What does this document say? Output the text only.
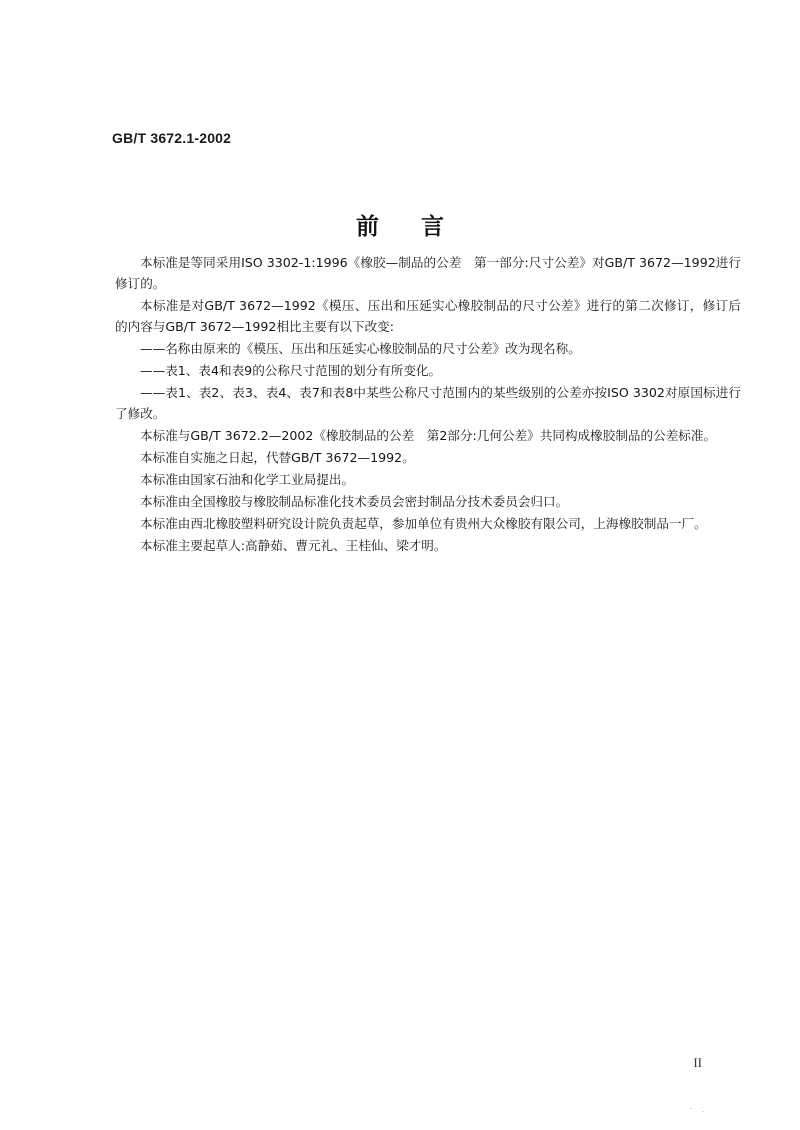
GB/T 3672.1-2002
前言

本标准是等同采用ISO 3302-1:1996《橡胶—制品的公差　第一部分:尺寸公差》对GB/T 3672—1992进行修订的。

本标准是对GB/T 3672—1992《模压、压出和压延实心橡胶制品的尺寸公差》进行的第二次修订，修订后的内容与GB/T 3672—1992相比主要有以下改变:

——名称由原来的《模压、压出和压延实心橡胶制品的尺寸公差》改为现名称。

——表1、表4和表9的公称尺寸范围的划分有所变化。

——表1、表2、表3、表4、表7和表8中某些公称尺寸范围内的某些级别的公差亦按ISO 3302对原国标进行了修改。

本标准与GB/T 3672.2—2002《橡胶制品的公差　第2部分:几何公差》共同构成橡胶制品的公差标准。

本标准自实施之日起，代替GB/T 3672—1992。

本标准由国家石油和化学工业局提出。

本标准由全国橡胶与橡胶制品标准化技术委员会密封制品分技术委员会归口。

本标准由西北橡胶塑料研究设计院负责起草，参加单位有贵州大众橡胶有限公司，上海橡胶制品一厂。

本标准主要起草人:高静茹、曹元礼、王桂仙、梁才明。

II
